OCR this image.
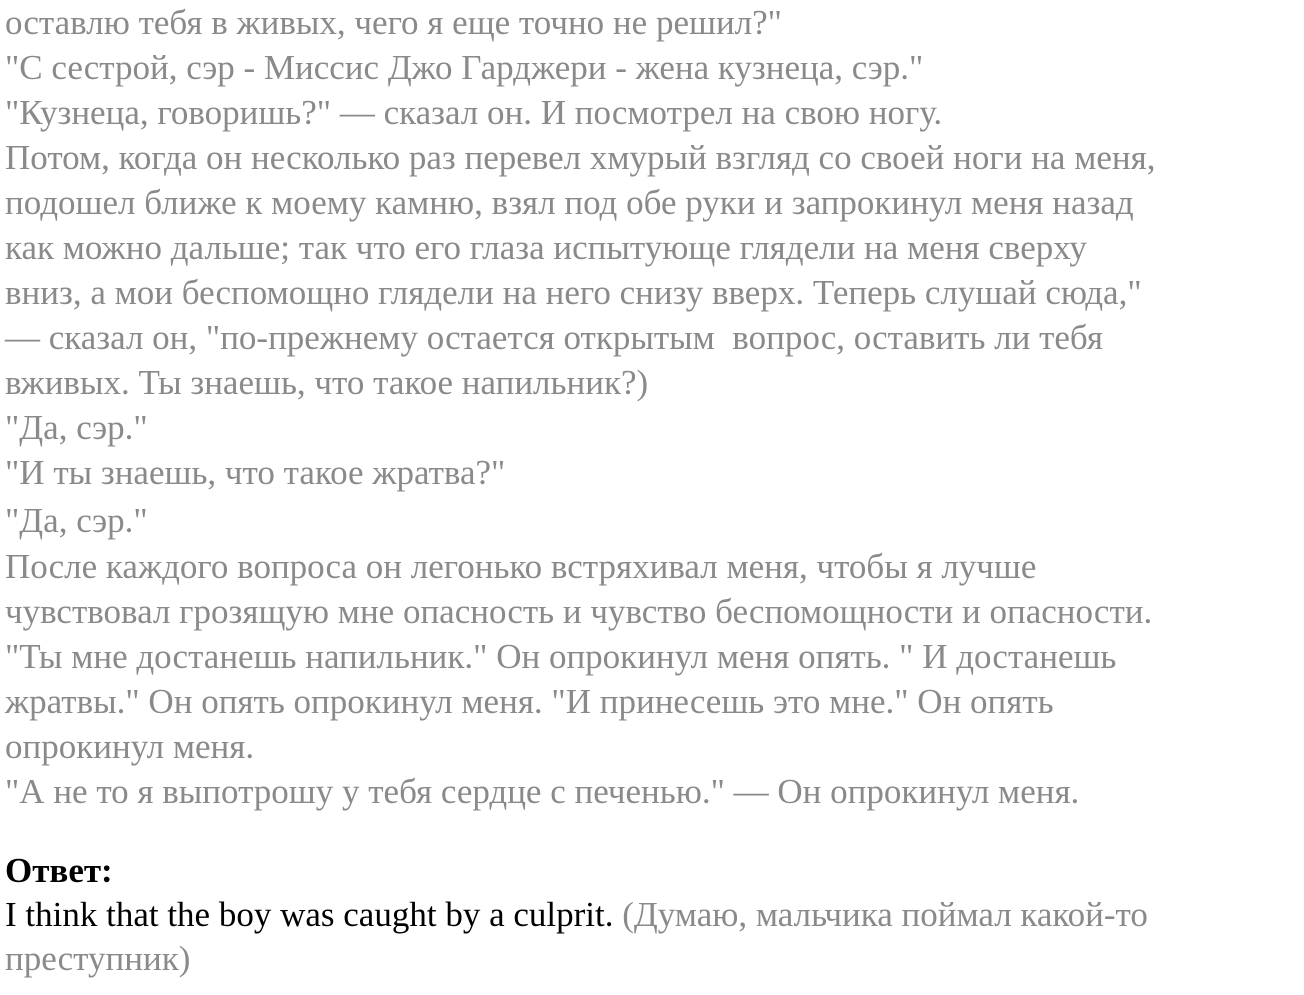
оставлю тебя в живых, чего я еще точно не решил?"
"С сестрой, сэр - Миссис Джо Гарджери - жена кузнеца, сэр."
"Кузнеца, говоришь?" — сказал он. И посмотрел на свою ногу.
Потом, когда он несколько раз перевел хмурый взгляд со своей ноги на меня,
подошел ближе к моему камню, взял под обе руки и запрокинул меня назад
как можно дальше; так что его глаза испытующе глядели на меня сверху
вниз, а мои беспомощно глядели на него снизу вверх. Теперь слушай сюда,"
— сказал он, "по-прежнему остается открытым  вопрос, оставить ли тебя
вживых. Ты знаешь, что такое напильник?)
"Да, сэр."
"И ты знаешь, что такое жратва?"
"Да, сэр."
После каждого вопроса он легонько встряхивал меня, чтобы я лучше
чувствовал грозящую мне опасность и чувство беспомощности и опасности.
"Ты мне достанешь напильник." Он опрокинул меня опять. " И достанешь
жратвы." Он опять опрокинул меня. "И принесешь это мне." Он опять
опрокинул меня.
"А не то я выпотрошу у тебя сердце с печенью." — Он опрокинул меня.
Ответ:
I think that the boy was caught by a culprit. (Думаю, мальчика поймал какой-то
преступник)
